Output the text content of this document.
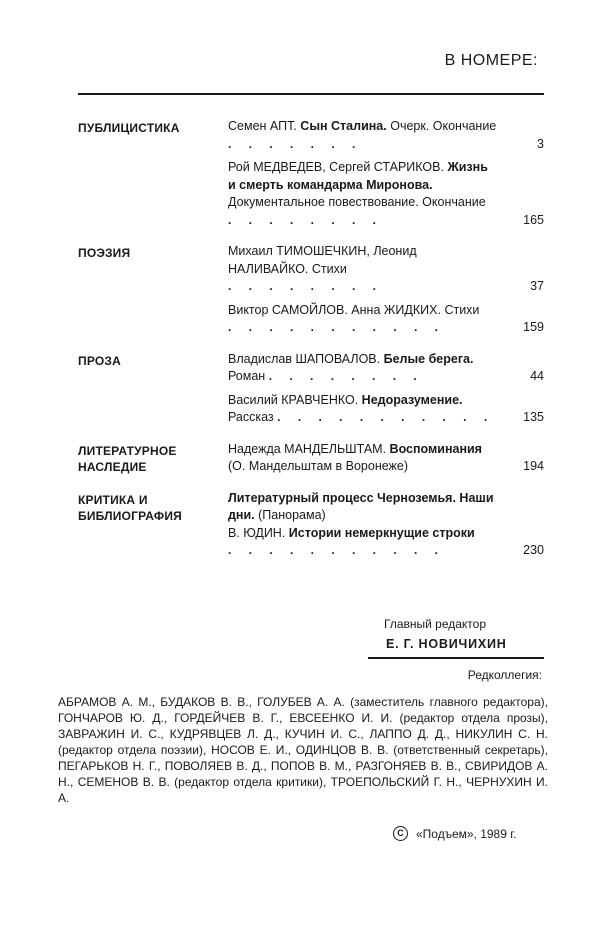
В НОМЕРЕ:
ПУБЛИЦИСТИКА	Семен АПТ. Сын Сталина. Очерк. Окончание . . . . . . .	3
Рой МЕДВЕДЕВ, Сергей СТАРИКОВ. Жизнь и смерть командарма Миронова. Документальное повествование. Окончание . . . . . . . .	165
ПОЭЗИЯ	Михаил ТИМОШЕЧКИН, Леонид НАЛИВАЙКО. Стихи . . . . . . . .	37
Виктор САМОЙЛОВ. Анна ЖИДКИХ. Стихи . . . . . . . . . . .	159
ПРОЗА	Владислав ШАПОВАЛОВ. Белые берега. Роман . . . . . . . .	44
Василий КРАВЧЕНКО. Недоразумение. Рассказ . . . . . . . . . . .	135
ЛИТЕРАТУРНОЕ НАСЛЕДИЕ
Надежда МАНДЕЛЬШТАМ. Воспоминания (О. Мандельштам в Воронеже)	194
КРИТИКА И БИБЛИОГРАФИЯ
Литературный процесс Черноземья. Наши дни. (Панорама)
В. ЮДИН. Истории немеркнущие строки . . . . . . . . . . .	230
Главный редактор
Е. Г. НОВИЧИХИН
Редколлегия:
АБРАМОВ А. М., БУДАКОВ В. В., ГОЛУБЕВ А. А. (заместитель главного редактора), ГОНЧАРОВ Ю. Д., ГОРДЕЙЧЕВ В. Г., ЕВСЕЕНКО И. И. (редактор отдела прозы), ЗАВРАЖИН И. С., КУДРЯВЦЕВ Л. Д., КУЧИН И. С., ЛАППО Д. Д., НИКУЛИН С. Н. (редактор отдела поэзии), НОСОВ Е. И., ОДИНЦОВ В. В. (ответственный секретарь), ПЕГАРЬКОВ Н. Г., ПОВОЛЯЕВ В. Д., ПОПОВ В. М., РАЗГОНЯЕВ В. В., СВИРИДОВ А. Н., СЕМЕНОВ В. В. (редактор отдела критики), ТРОЕПОЛЬСКИЙ Г. Н., ЧЕРНУХИН И. А.
C	«Подъем», 1989 г.
